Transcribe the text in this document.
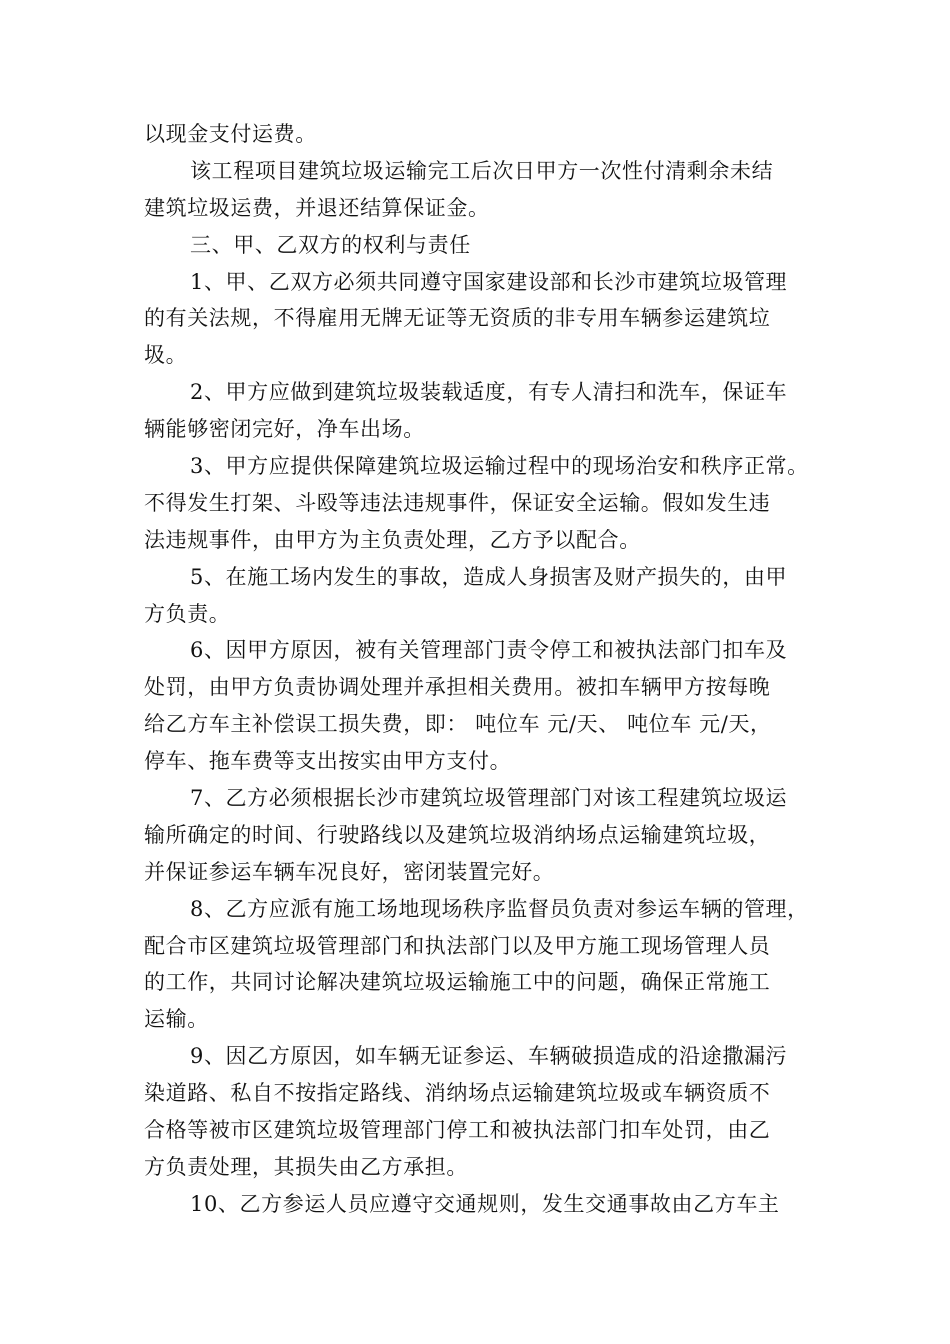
以现金支付运费。
该工程项目建筑垃圾运输完工后次日甲方一次性付清剩余未结
建筑垃圾运费，并退还结算保证金。
三、甲、乙双方的权利与责任
1、甲、乙双方必须共同遵守国家建设部和长沙市建筑垃圾管理
的有关法规，不得雇用无牌无证等无资质的非专用车辆参运建筑垃
圾。
2、甲方应做到建筑垃圾装载适度，有专人清扫和洗车，保证车
辆能够密闭完好，净车出场。
3、甲方应提供保障建筑垃圾运输过程中的现场治安和秩序正常。
不得发生打架、斗殴等违法违规事件，保证安全运输。假如发生违
法违规事件，由甲方为主负责处理，乙方予以配合。
5、在施工场内发生的事故，造成人身损害及财产损失的，由甲
方负责。
6、因甲方原因，被有关管理部门责令停工和被执法部门扣车及
处罚，由甲方负责协调处理并承担相关费用。被扣车辆甲方按每晚
给乙方车主补偿误工损失费，即： 吨位车 元/天、 吨位车 元/天，
停车、拖车费等支出按实由甲方支付。
7、乙方必须根据长沙市建筑垃圾管理部门对该工程建筑垃圾运
输所确定的时间、行驶路线以及建筑垃圾消纳场点运输建筑垃圾，
并保证参运车辆车况良好，密闭装置完好。
8、乙方应派有施工场地现场秩序监督员负责对参运车辆的管理，
配合市区建筑垃圾管理部门和执法部门以及甲方施工现场管理人员
的工作，共同讨论解决建筑垃圾运输施工中的问题，确保正常施工
运输。
9、因乙方原因，如车辆无证参运、车辆破损造成的沿途撒漏污
染道路、私自不按指定路线、消纳场点运输建筑垃圾或车辆资质不
合格等被市区建筑垃圾管理部门停工和被执法部门扣车处罚，由乙
方负责处理，其损失由乙方承担。
10、乙方参运人员应遵守交通规则，发生交通事故由乙方车主
